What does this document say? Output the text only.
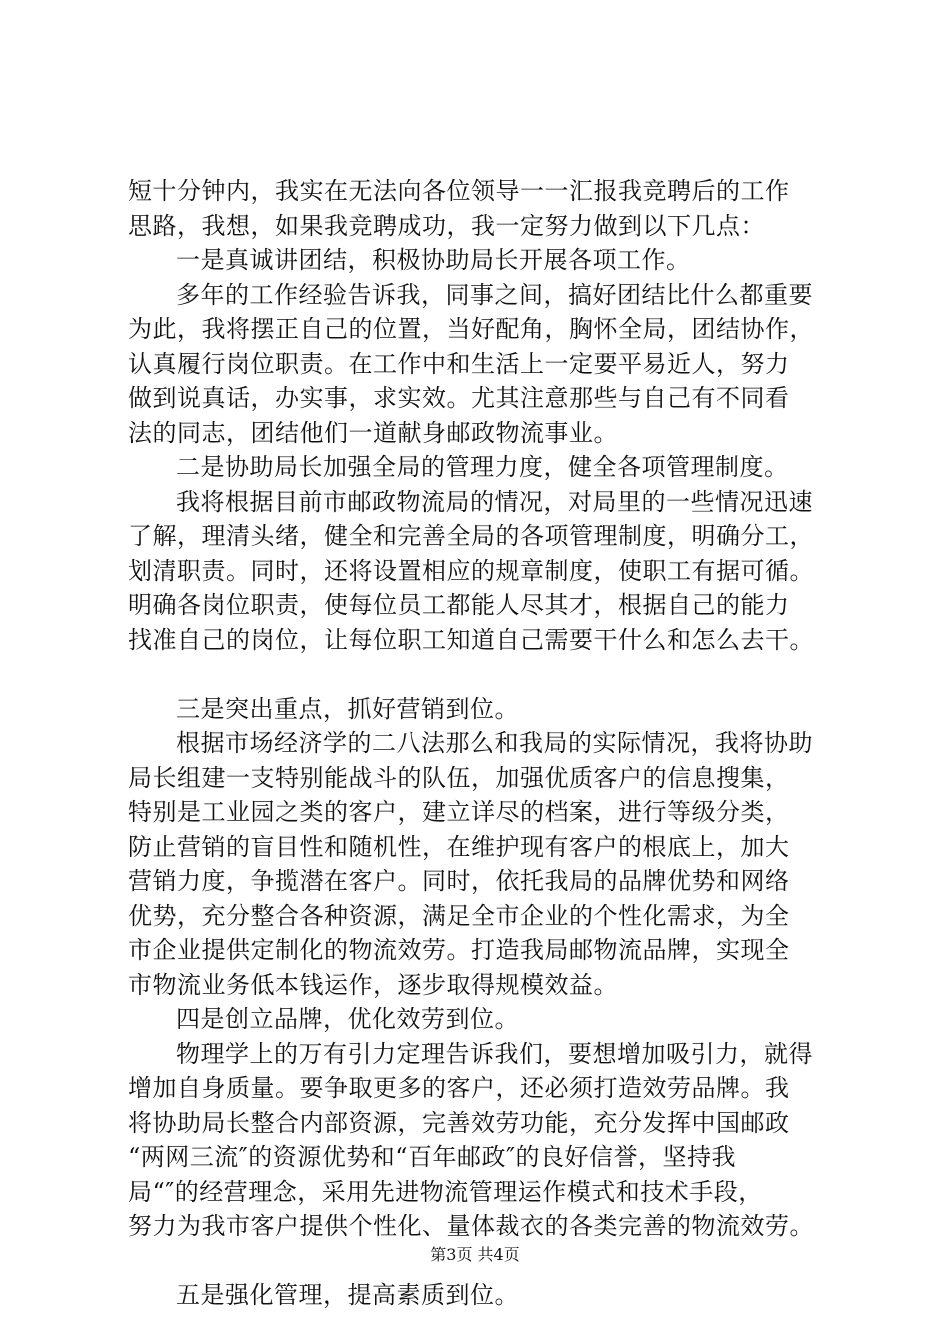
短十分钟内，我实在无法向各位领导一一汇报我竞聘后的工作
思路，我想，如果我竞聘成功，我一定努力做到以下几点：
一是真诚讲团结，积极协助局长开展各项工作。
多年的工作经验告诉我，同事之间，搞好团结比什么都重要
为此，我将摆正自己的位置，当好配角，胸怀全局，团结协作，
认真履行岗位职责。在工作中和生活上一定要平易近人，努力
做到说真话，办实事，求实效。尤其注意那些与自己有不同看
法的同志，团结他们一道献身邮政物流事业。
二是协助局长加强全局的管理力度，健全各项管理制度。
我将根据目前市邮政物流局的情况，对局里的一些情况迅速
了解，理清头绪，健全和完善全局的各项管理制度，明确分工，
划清职责。同时，还将设置相应的规章制度，使职工有据可循。
明确各岗位职责，使每位员工都能人尽其才，根据自己的能力
找准自己的岗位，让每位职工知道自己需要干什么和怎么去干。
三是突出重点，抓好营销到位。
根据市场经济学的二八法那么和我局的实际情况，我将协助
局长组建一支特别能战斗的队伍，加强优质客户的信息搜集，
特别是工业园之类的客户，建立详尽的档案，进行等级分类，
防止营销的盲目性和随机性，在维护现有客户的根底上，加大
营销力度，争揽潜在客户。同时，依托我局的品牌优势和网络
优势，充分整合各种资源，满足全市企业的个性化需求，为全
市企业提供定制化的物流效劳。打造我局邮物流品牌，实现全
市物流业务低本钱运作，逐步取得规模效益。
四是创立品牌，优化效劳到位。
物理学上的万有引力定理告诉我们，要想增加吸引力，就得
增加自身质量。要争取更多的客户，还必须打造效劳品牌。我
将协助局长整合内部资源，完善效劳功能，充分发挥中国邮政
“两网三流″的资源优势和“百年邮政″的良好信誉，坚持我
局“″的经营理念，采用先进物流管理运作模式和技术手段，
努力为我市客户提供个性化、量体裁衣的各类完善的物流效劳。
五是强化管理，提高素质到位。
第3页 共4页
